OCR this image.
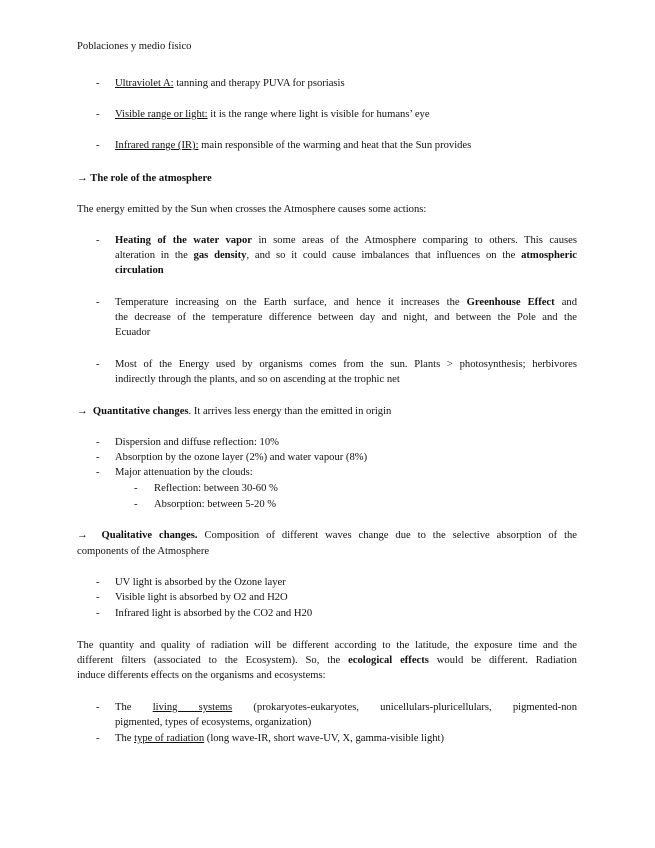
Poblaciones y medio físico
- Ultraviolet A: tanning and therapy PUVA for psoriasis
- Visible range or light: it is the range where light is visible for humans’ eye
- Infrared range (IR): main responsible of the warming and heat that the Sun provides
→ The role of the atmosphere
The energy emitted by the Sun when crosses the Atmosphere causes some actions:
- Heating of the water vapor in some areas of the Atmosphere comparing to others. This causes
alteration in the gas density, and so it could cause imbalances that influences on the atmospheric
circulation
- Temperature increasing on the Earth surface, and hence it increases the Greenhouse Effect and
the decrease of the temperature difference between day and night, and between the Pole and the
Ecuador
- Most of the Energy used by organisms comes from the sun. Plants > photosynthesis; herbivores
indirectly through the plants, and so on ascending at the trophic net
→ Quantitative changes. It arrives less energy than the emitted in origin
- Dispersion and diffuse reflection: 10%
- Absorption by the ozone layer (2%) and water vapour (8%)
- Major attenuation by the clouds:
- Reflection: between 30-60 %
- Absorption: between 5-20 %
→ Qualitative changes. Composition of different waves change due to the selective absorption of the
components of the Atmosphere
- UV light is absorbed by the Ozone layer
- Visible light is absorbed by O2 and H2O
- Infrared light is absorbed by the CO2 and H20
The quantity and quality of radiation will be different according to the latitude, the exposure time and the
different filters (associated to the Ecosystem). So, the ecological effects would be different. Radiation
induce differents effects on the organisms and ecosystems:
- The living systems (prokaryotes-eukaryotes, unicellulars-pluricellulars, pigmented-non
pigmented, types of ecosystems, organization)
- The type of radiation (long wave-IR, short wave-UV, X, gamma-visible light)
